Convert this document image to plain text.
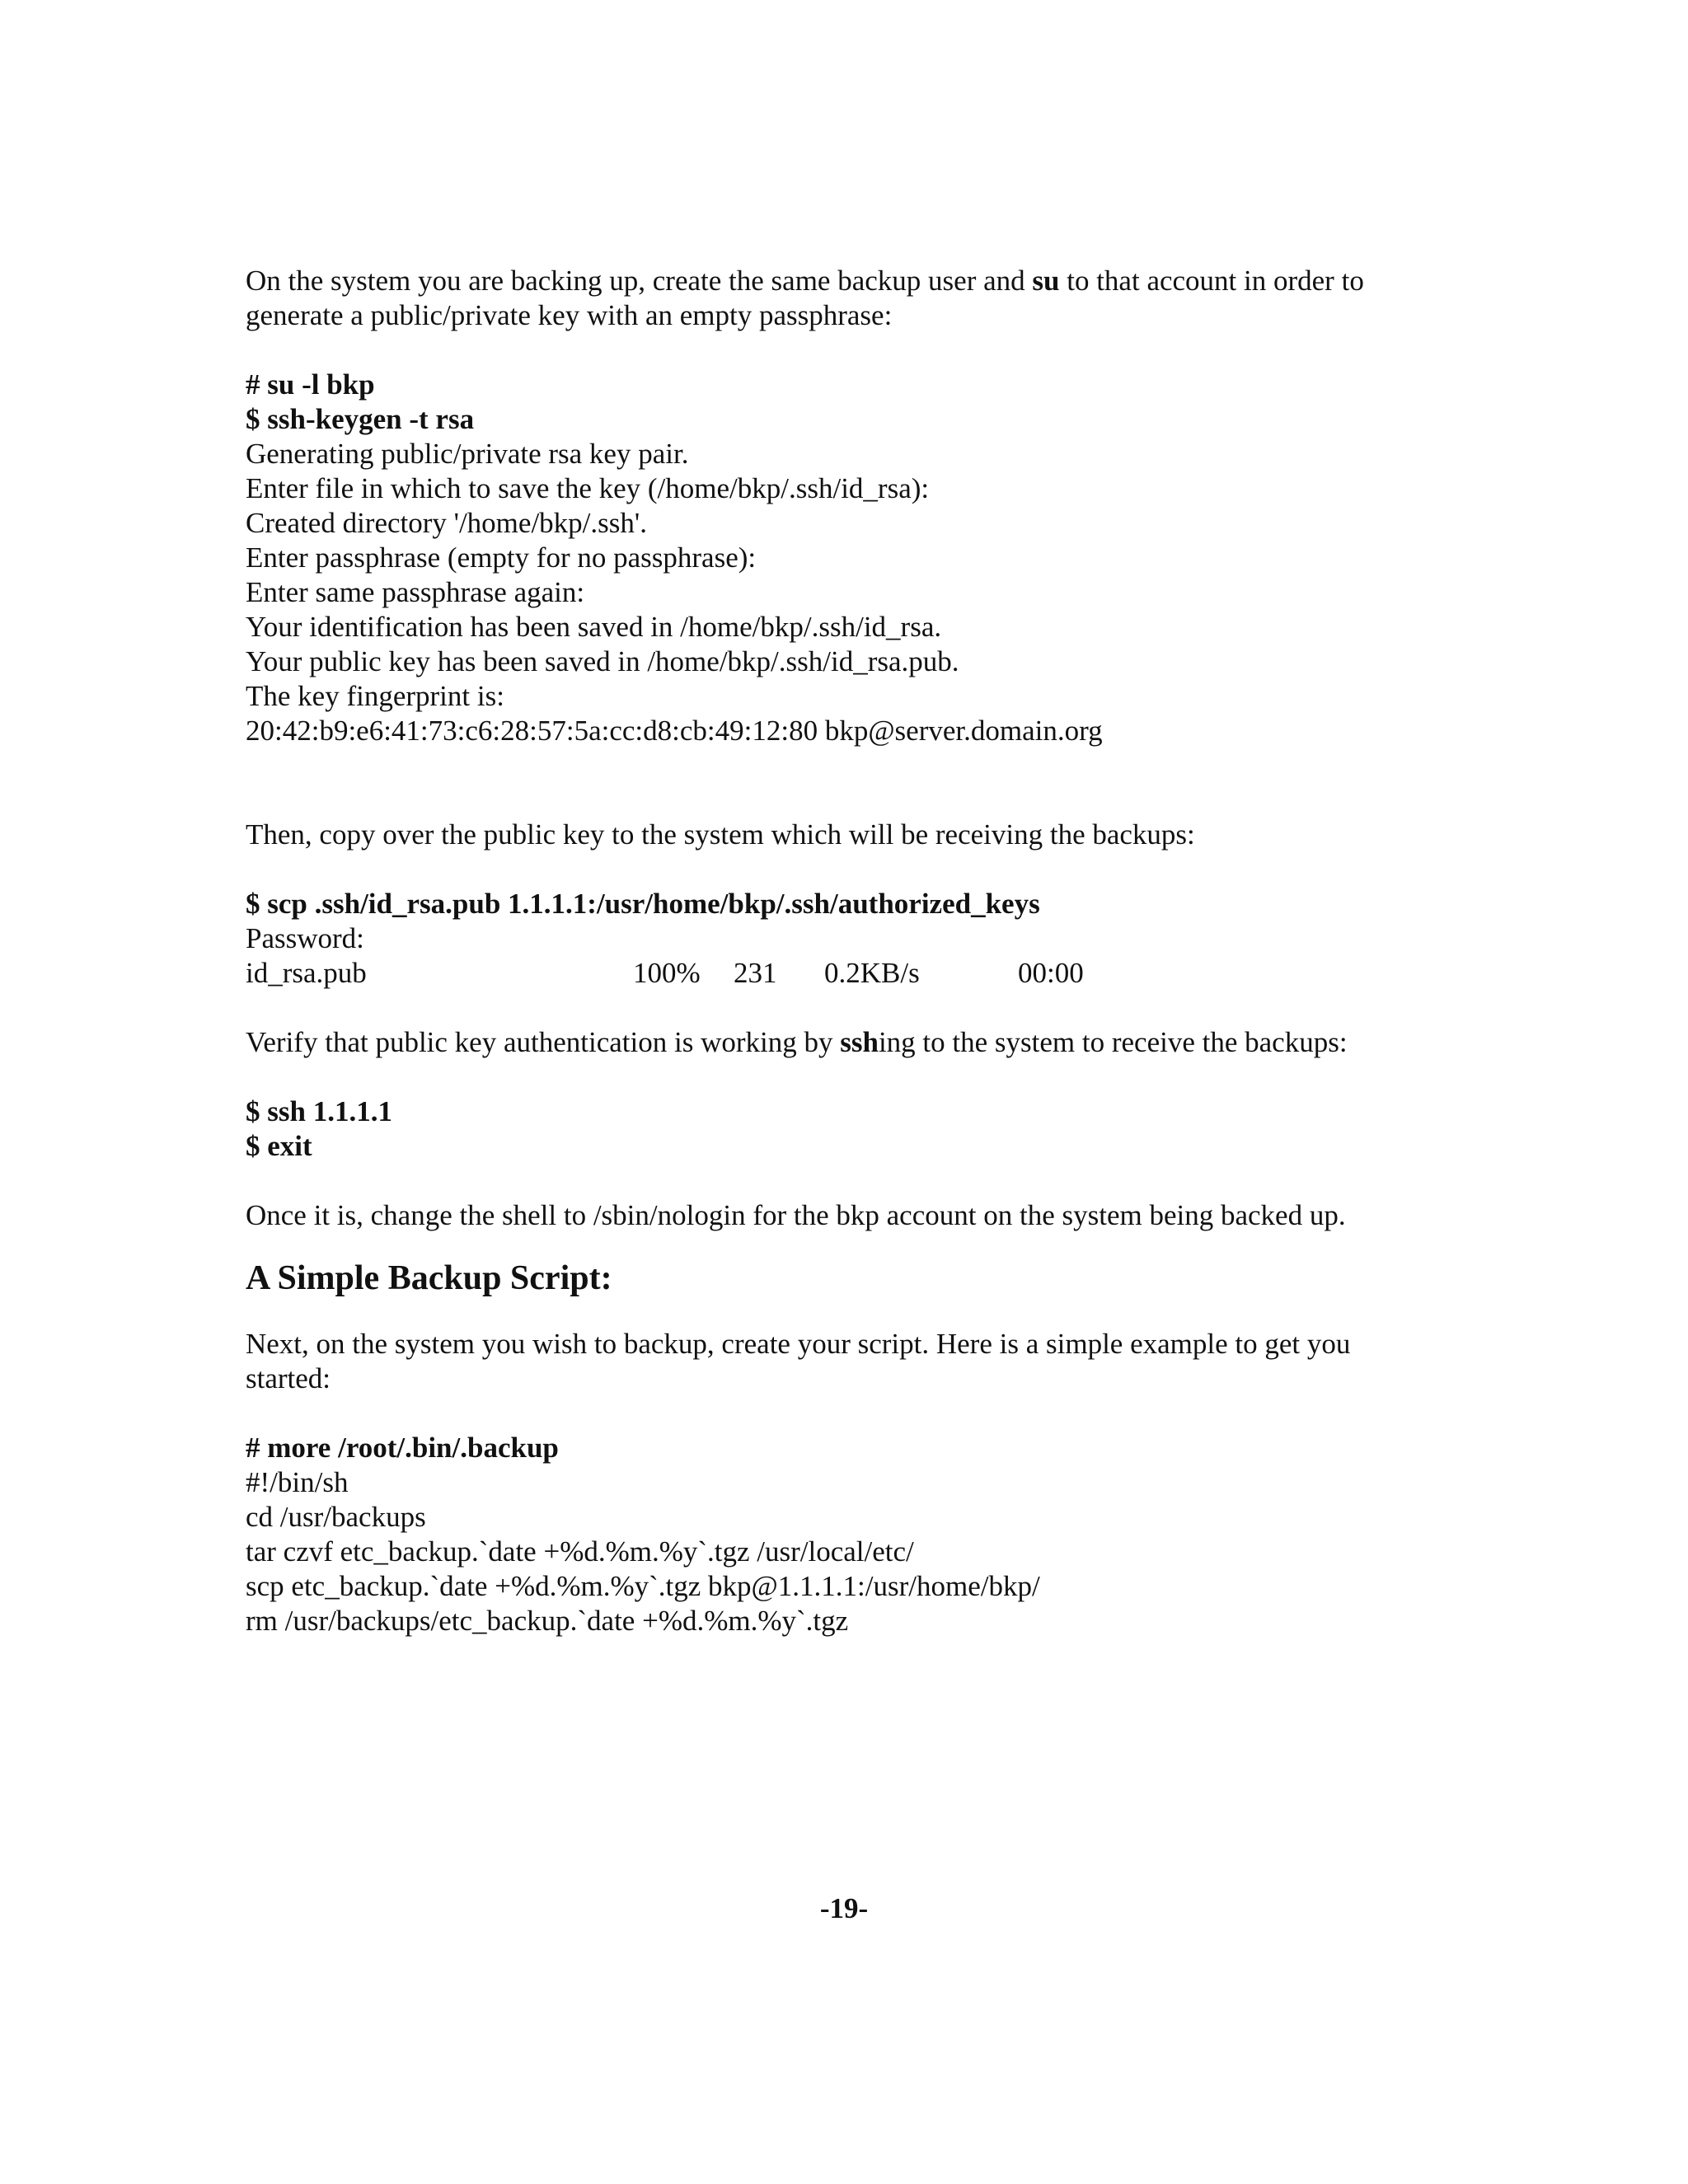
On the system you are backing up, create the same backup user and su to that account in order to generate a public/private key with an empty passphrase:

# su -l bkp
$ ssh-keygen -t rsa
Generating public/private rsa key pair.
Enter file in which to save the key (/home/bkp/.ssh/id_rsa):
Created directory '/home/bkp/.ssh'.
Enter passphrase (empty for no passphrase):
Enter same passphrase again:
Your identification has been saved in /home/bkp/.ssh/id_rsa.
Your public key has been saved in /home/bkp/.ssh/id_rsa.pub.
The key fingerprint is:
20:42:b9:e6:41:73:c6:28:57:5a:cc:d8:cb:49:12:80 bkp@server.domain.org

Then, copy over the public key to the system which will be receiving the backups:

$ scp .ssh/id_rsa.pub 1.1.1.1:/usr/home/bkp/.ssh/authorized_keys
Password:
id_rsa.pub	100% 231 0.2KB/s	00:00

Verify that public key authentication is working by sshing to the system to receive the backups:

$ ssh 1.1.1.1
$ exit

Once it is, change the shell to /sbin/nologin for the bkp account on the system being backed up.

A Simple Backup Script:

Next, on the system you wish to backup, create your script. Here is a simple example to get you started:

# more /root/.bin/.backup
#!/bin/sh
cd /usr/backups
tar czvf etc_backup.`date +%d.%m.%y`.tgz /usr/local/etc/
scp etc_backup.`date +%d.%m.%y`.tgz bkp@1.1.1.1:/usr/home/bkp/
rm /usr/backups/etc_backup.`date +%d.%m.%y`.tgz
-19-
